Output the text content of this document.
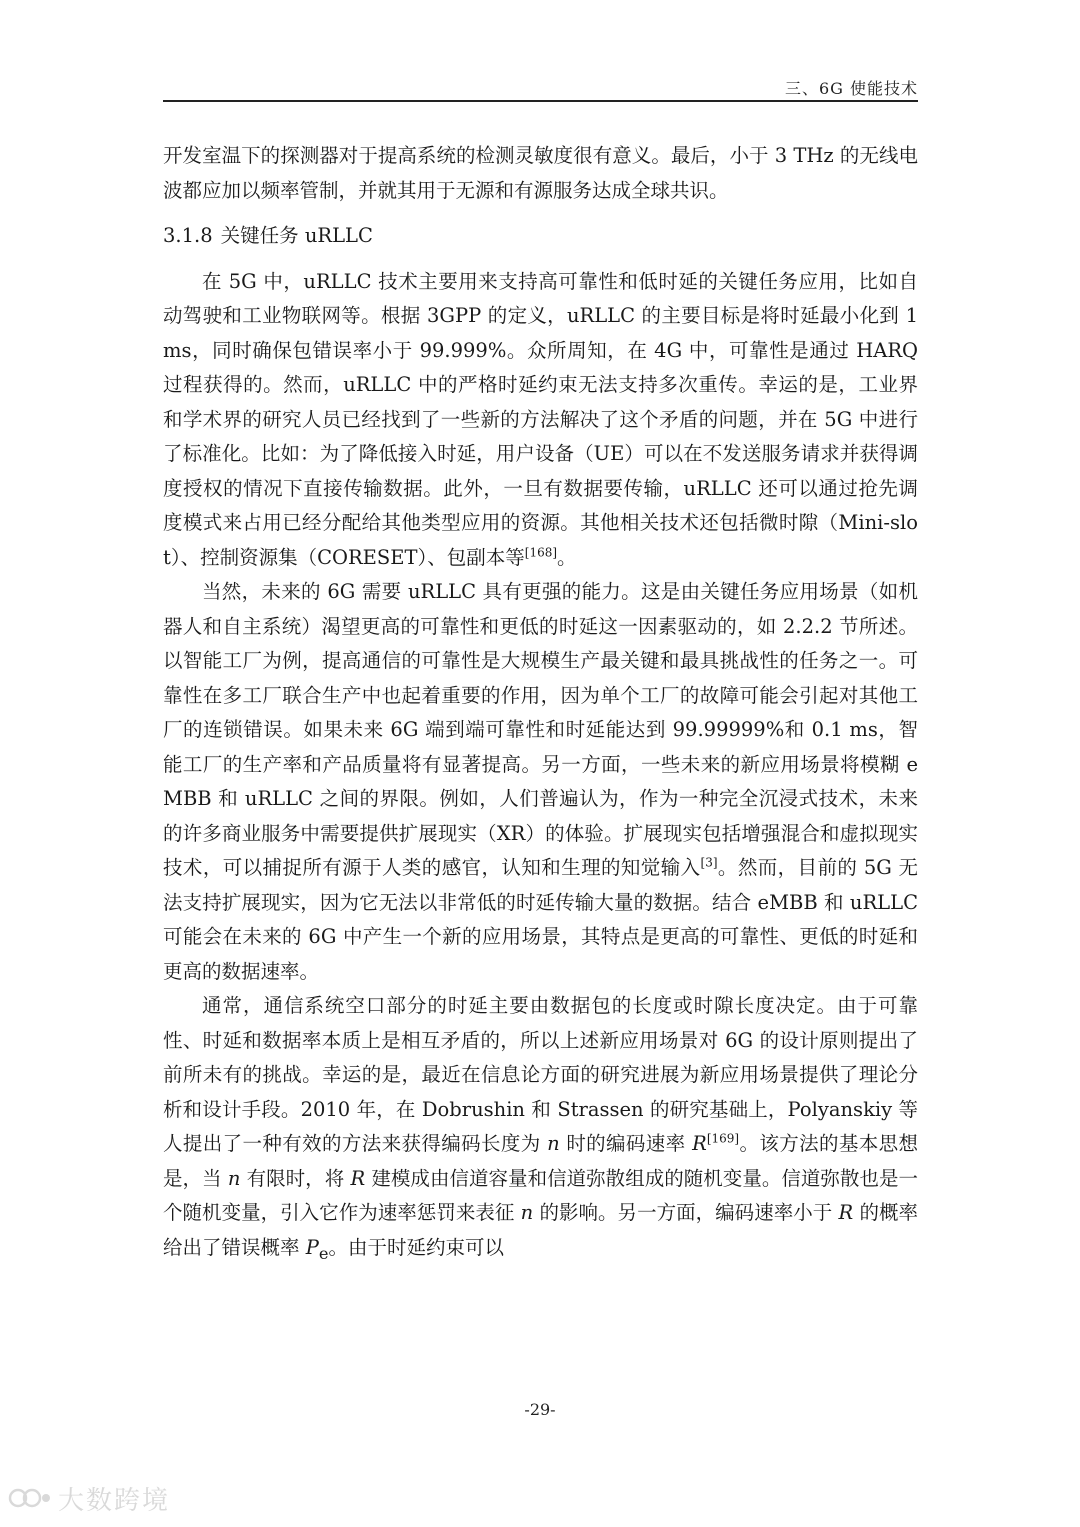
三、6G 使能技术

开发室温下的探测器对于提高系统的检测灵敏度很有意义。最后，小于 3 THz 的无线电波都应加以频率管制，并就其用于无源和有源服务达成全球共识。

3.1.8 关键任务 uRLLC

在 5G 中，uRLLC 技术主要用来支持高可靠性和低时延的关键任务应用，比如自动驾驶和工业物联网等。根据 3GPP 的定义，uRLLC 的主要目标是将时延最小化到 1 ms，同时确保包错误率小于 99.999%。众所周知，在 4G 中，可靠性是通过 HARQ 过程获得的。然而，uRLLC 中的严格时延约束无法支持多次重传。幸运的是，工业界和学术界的研究人员已经找到了一些新的方法解决了这个矛盾的问题，并在 5G 中进行了标准化。比如：为了降低接入时延，用户设备（UE）可以在不发送服务请求并获得调度授权的情况下直接传输数据。此外，一旦有数据要传输，uRLLC 还可以通过抢先调度模式来占用已经分配给其他类型应用的资源。其他相关技术还包括微时隙（Mini-slot）、控制资源集（CORESET）、包副本等[168]。

当然，未来的 6G 需要 uRLLC 具有更强的能力。这是由关键任务应用场景（如机器人和自主系统）渴望更高的可靠性和更低的时延这一因素驱动的，如 2.2.2 节所述。以智能工厂为例，提高通信的可靠性是大规模生产最关键和最具挑战性的任务之一。可靠性在多工厂联合生产中也起着重要的作用，因为单个工厂的故障可能会引起对其他工厂的连锁错误。如果未来 6G 端到端可靠性和时延能达到 99.99999%和 0.1 ms，智能工厂的生产率和产品质量将有显著提高。另一方面，一些未来的新应用场景将模糊 eMBB 和 uRLLC 之间的界限。例如，人们普遍认为，作为一种完全沉浸式技术，未来的许多商业服务中需要提供扩展现实（XR）的体验。扩展现实包括增强混合和虚拟现实技术，可以捕捉所有源于人类的感官，认知和生理的知觉输入[3]。然而，目前的 5G 无法支持扩展现实，因为它无法以非常低的时延传输大量的数据。结合 eMBB 和 uRLLC 可能会在未来的 6G 中产生一个新的应用场景，其特点是更高的可靠性、更低的时延和更高的数据速率。

通常，通信系统空口部分的时延主要由数据包的长度或时隙长度决定。由于可靠性、时延和数据率本质上是相互矛盾的，所以上述新应用场景对 6G 的设计原则提出了前所未有的挑战。幸运的是，最近在信息论方面的研究进展为新应用场景提供了理论分析和设计手段。2010 年，在 Dobrushin 和 Strassen 的研究基础上，Polyanskiy 等人提出了一种有效的方法来获得编码长度为 n 时的编码速率 R[169]。该方法的基本思想是，当 n 有限时，将 R 建模成由信道容量和信道弥散组成的随机变量。信道弥散也是一个随机变量，引入它作为速率惩罚来表征 n 的影响。另一方面，编码速率小于 R 的概率给出了错误概率 $P_e$。由于时延约束可以

-29-
大数跨境
